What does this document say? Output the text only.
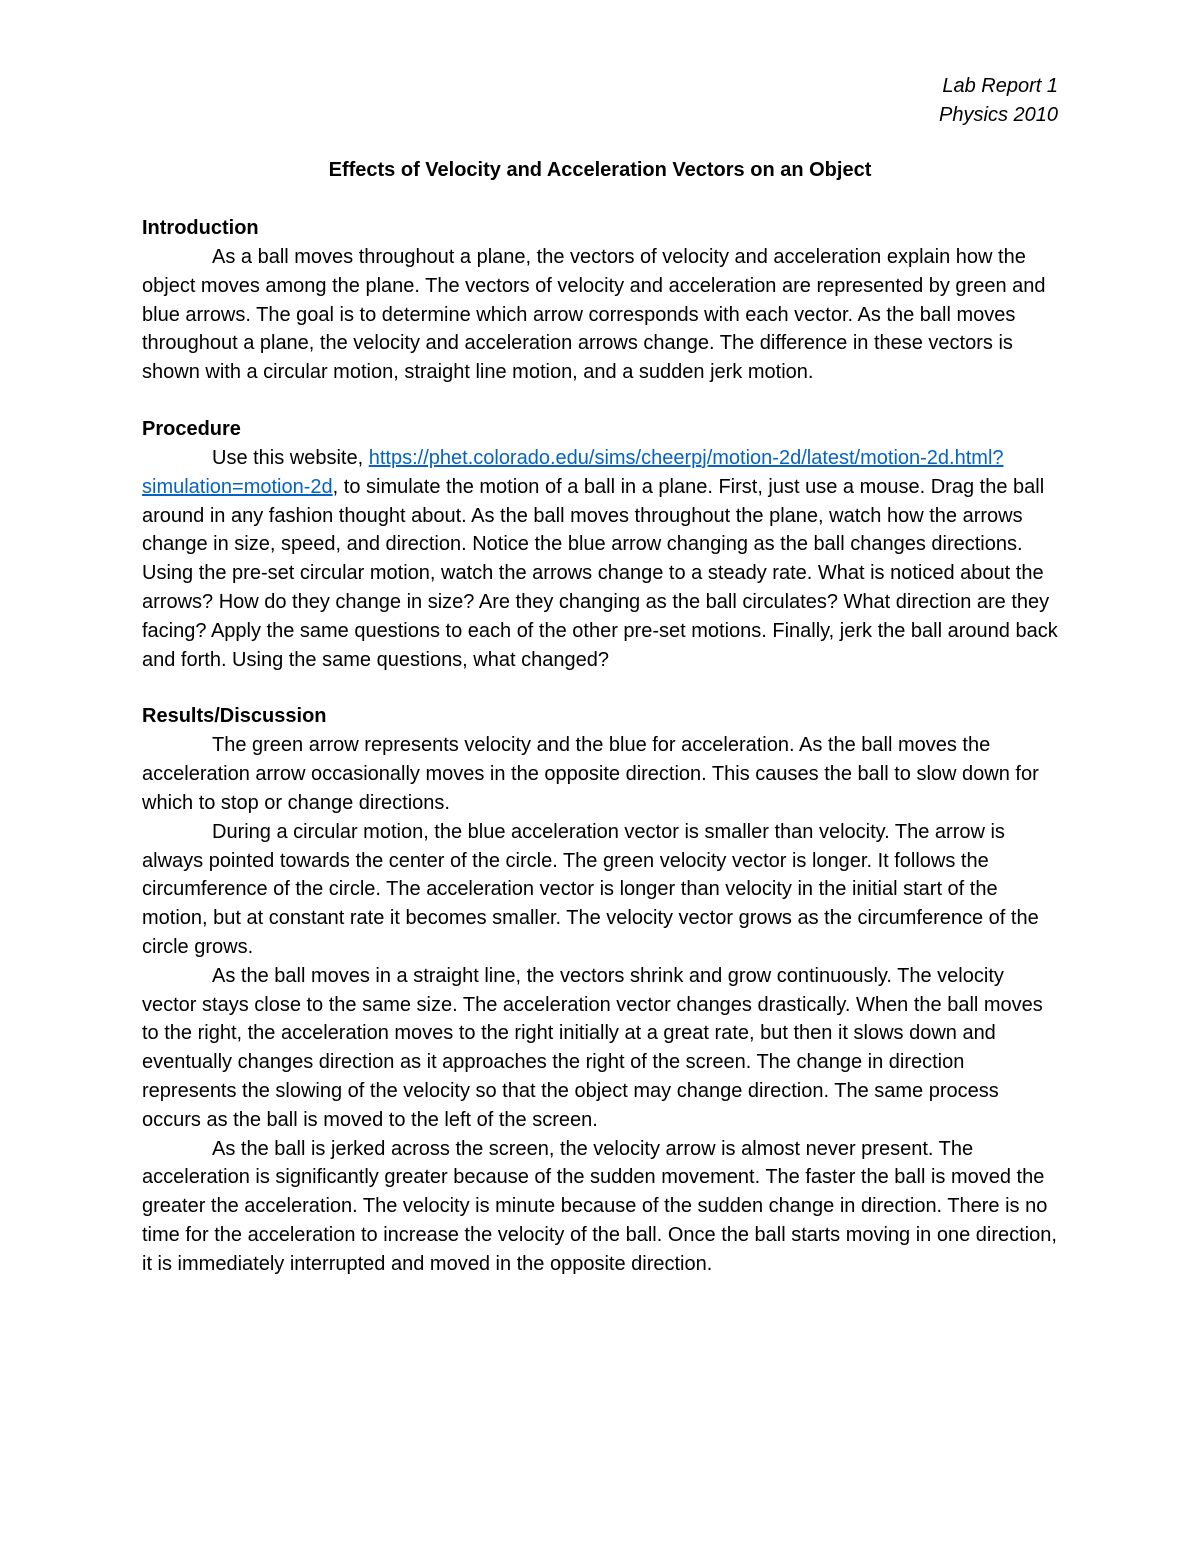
Lab Report 1
Physics 2010
Effects of Velocity and Acceleration Vectors on an Object
Introduction

As a ball moves throughout a plane, the vectors of velocity and acceleration explain how the object moves among the plane. The vectors of velocity and acceleration are represented by green and blue arrows. The goal is to determine which arrow corresponds with each vector. As the ball moves throughout a plane, the velocity and acceleration arrows change. The difference in these vectors is shown with a circular motion, straight line motion, and a sudden jerk motion.

Procedure

Use this website, https://phet.colorado.edu/sims/cheerpj/motion-2d/latest/motion-2d.html?simulation=motion-2d, to simulate the motion of a ball in a plane. First, just use a mouse. Drag the ball around in any fashion thought about. As the ball moves throughout the plane, watch how the arrows change in size, speed, and direction. Notice the blue arrow changing as the ball changes directions. Using the pre-set circular motion, watch the arrows change to a steady rate. What is noticed about the arrows? How do they change in size? Are they changing as the ball circulates? What direction are they facing? Apply the same questions to each of the other pre-set motions. Finally, jerk the ball around back and forth. Using the same questions, what changed?

Results/Discussion

The green arrow represents velocity and the blue for acceleration. As the ball moves the acceleration arrow occasionally moves in the opposite direction. This causes the ball to slow down for which to stop or change directions.

During a circular motion, the blue acceleration vector is smaller than velocity. The arrow is always pointed towards the center of the circle. The green velocity vector is longer. It follows the circumference of the circle. The acceleration vector is longer than velocity in the initial start of the motion, but at constant rate it becomes smaller. The velocity vector grows as the circumference of the circle grows.

As the ball moves in a straight line, the vectors shrink and grow continuously. The velocity vector stays close to the same size. The acceleration vector changes drastically. When the ball moves to the right, the acceleration moves to the right initially at a great rate, but then it slows down and eventually changes direction as it approaches the right of the screen. The change in direction represents the slowing of the velocity so that the object may change direction. The same process occurs as the ball is moved to the left of the screen.

As the ball is jerked across the screen, the velocity arrow is almost never present. The acceleration is significantly greater because of the sudden movement. The faster the ball is moved the greater the acceleration. The velocity is minute because of the sudden change in direction. There is no time for the acceleration to increase the velocity of the ball. Once the ball starts moving in one direction, it is immediately interrupted and moved in the opposite direction.
